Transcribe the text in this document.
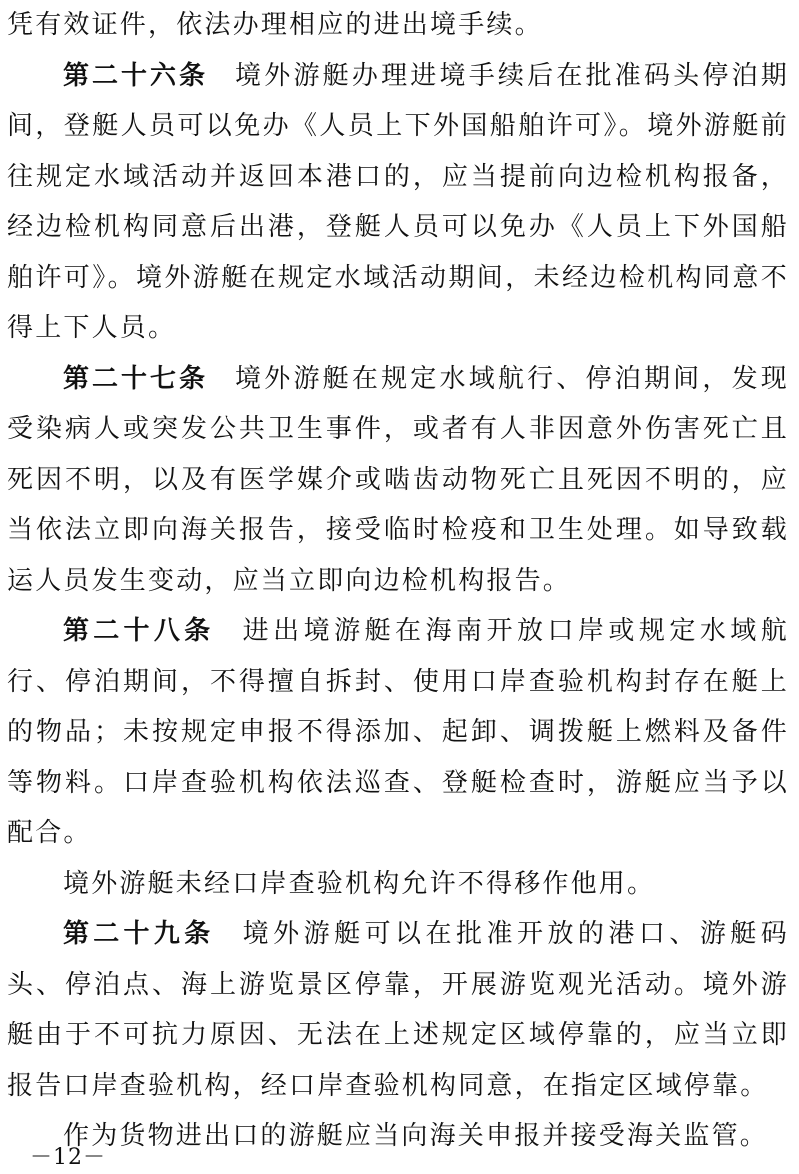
凭有效证件，依法办理相应的进出境手续。

第二十六条 境外游艇办理进境手续后在批准码头停泊期间，登艇人员可以免办《人员上下外国船舶许可》。境外游艇前往规定水域活动并返回本港口的，应当提前向边检机构报备，经边检机构同意后出港，登艇人员可以免办《人员上下外国船舶许可》。境外游艇在规定水域活动期间，未经边检机构同意不得上下人员。

第二十七条 境外游艇在规定水域航行、停泊期间，发现受染病人或突发公共卫生事件，或者有人非因意外伤害死亡且死因不明，以及有医学媒介或啮齿动物死亡且死因不明的，应当依法立即向海关报告，接受临时检疫和卫生处理。如导致载运人员发生变动，应当立即向边检机构报告。

第二十八条 进出境游艇在海南开放口岸或规定水域航行、停泊期间，不得擅自拆封、使用口岸查验机构封存在艇上的物品；未按规定申报不得添加、起卸、调拨艇上燃料及备件等物料。口岸查验机构依法巡查、登艇检查时，游艇应当予以配合。

境外游艇未经口岸查验机构允许不得移作他用。

第二十九条 境外游艇可以在批准开放的港口、游艇码头、停泊点、海上游览景区停靠，开展游览观光活动。境外游艇由于不可抗力原因、无法在上述规定区域停靠的，应当立即报告口岸查验机构，经口岸查验机构同意，在指定区域停靠。

作为货物进出口的游艇应当向海关申报并接受海关监管。

－12－
